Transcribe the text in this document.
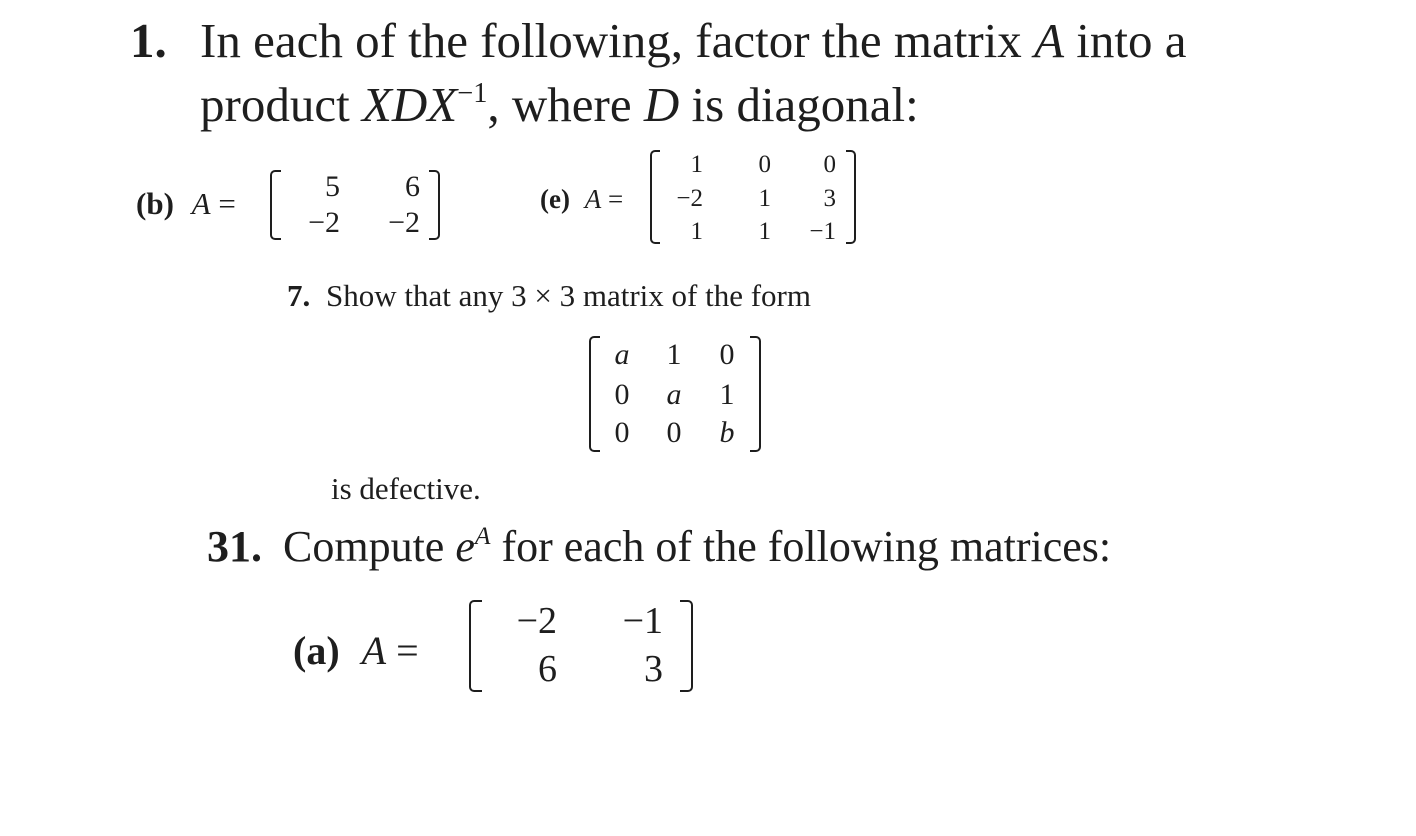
1. In each of the following, factor the matrix A into a
product $XDX^{-1}$, where D is diagonal:
(b) A =	5 6
−2 −2
(e) A =
1 0 0
−2 1 3
1 1 −1
7. Show that any 3 × 3 matrix of the form
a 1 0
0 a 1
0 0 b
is defective.
31. Compute $e^A$ for each of the following matrices:
(a) A =
−2 −1
6 3
